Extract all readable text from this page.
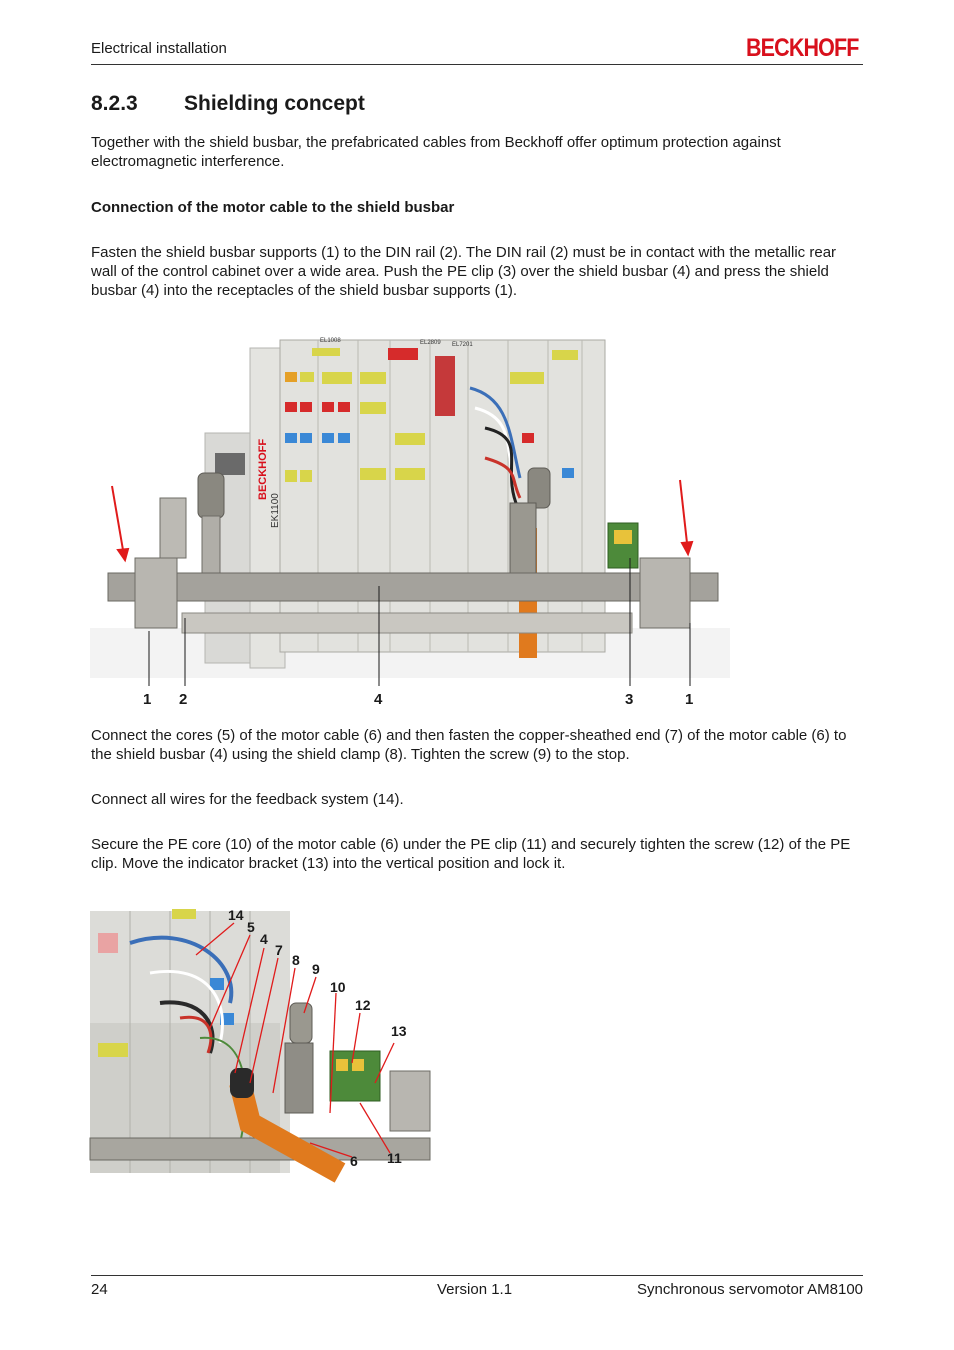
Electrical installation	BECKHOFF
8.2.3 Shielding concept
Together with the shield busbar, the prefabricated cables from Beckhoff offer optimum protection against electromagnetic interference.
Connection of the motor cable to the shield busbar
Fasten the shield busbar supports (1) to the DIN rail (2). The DIN rail (2) must be in contact with the metallic rear wall of the control cabinet over a wide area. Push the PE clip (3) over the shield busbar (4) and press the shield busbar (4) into the receptacles of the shield busbar supports (1).
1 2	4	3	1
EL1008	EL2809 EL7201
BECKHOFF
EK1100
Connect the cores (5) of the motor cable (6) and then fasten the copper-sheathed end (7) of the motor cable (6) to the shield busbar (4) using the shield clamp (8). Tighten the screw (9) to the stop.
Connect all wires for the feedback system (14).
Secure the PE core (10) of the motor cable (6) under the PE clip (11) and securely tighten the screw (12) of the PE clip. Move the indicator bracket (13) into the vertical position and lock it.
14
5
4
7
8
9
10
12
13
6 11
24	Version 1.1	Synchronous servomotor AM8100
